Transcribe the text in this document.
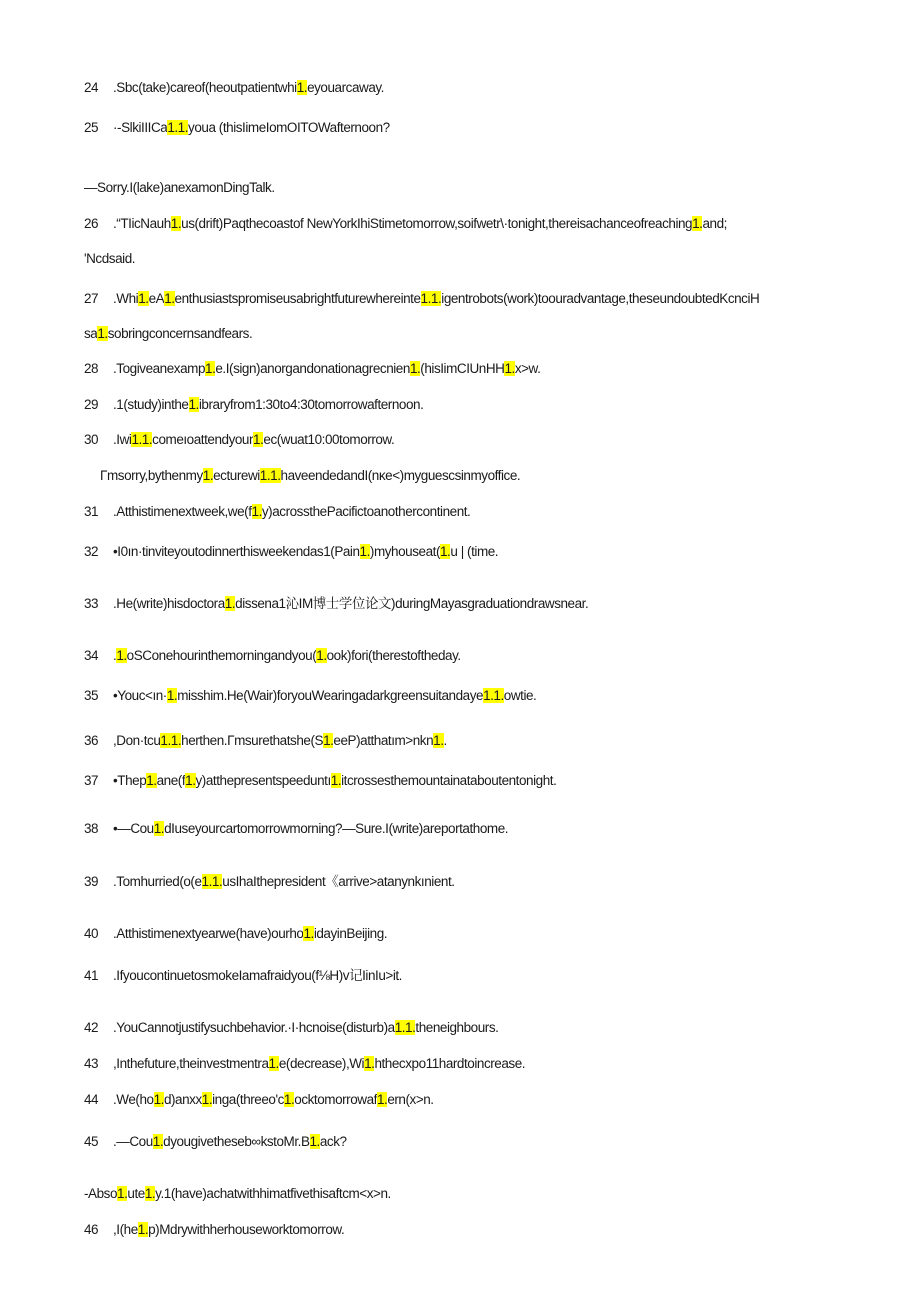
24 .Sbc(take)careof(heoutpatientwhi1.eyouarcaway.
25 ·-SlkiIIICa1.1.youa (thisIimeIomOITOWafternoon?
—Sorry.I(lake)anexamonDingTalk.
26 .“TIicNauh1.us(drift)Paqthecoastof NewYorkIhiStimetomorrow,soifwetr\·tonight,thereisachanceofreaching1.and;
'Ncdsaid.
27 .Whi1.eA1.enthusiastspromiseusabrightfuturewhereinte1.1.igentrobots(work)toouradvantage,theseundoubtedKcnciH
sa1.sobringconcernsandfears.
28 .Togiveanexamp1.e.I(sign)anorgandonationagrecnien1.(hisIimCIUnHH1.x>w.
29 .1(study)inthe1.ibraryfrom1:30to4:30tomorrowafternoon.
30 .Iwi1.1.comeıoattendyour1.ec(wuat10:00tomorrow.
Γmsorry,bythenmy1.ecturewi1.1.haveendedandI(nκe<)myguescsinmyoffice.
31 .Atthistimenextweek,we(f1.y)acrossthePacifictoanothercontinent.
32 •I0ın·tinviteyoutodinnerthisweekendas1(Pain1.)myhouseat(1.u | (time.
33 .He(write)hisdoctora1.dissena1沁IM博士学位论文)duringMayasgraduationdrawsnear.
34 .1.oSConehourinthemorningandyou(1.ook)fori(therestoftheday.
35 •Youc<ın·1.misshim.He(Wair)foryouWearingadarkgreensuitandaye1.1.owtie.
36 ,Don·tcu1.1.herthen.Γmsurethatshe(S1.eeP)atthatım>nkn1..
37 •Thep1.ane(f1.y)atthepresentspeeduntı1.itcrossesthemountainataboutentonight.
38 •—Cou1.dIuseyourcartomorrowmorning?—Sure.I(write)areportathome.
39 .Tomhurried(o(e1.1.usIhaIthepresident《arrive>atanynkınient.
40 .Atthistimenextyearwe(have)ourho1.idayinBeijing.
41 .IfyoucontinuetosmokeIamafraidyou(f⅛H)v记IinIu>it.
42 .YouCannotjustifysuchbehavior.·I·hcnoise(disturb)a1.1.theneighbours.
43 ,Inthefuture,theinvestmentra1.e(decrease),Wi1.hthecxpo11hardtoincrease.
44 .We(ho1.d)anxx1.inga(threeo'c1.ocktomorrowaf1.ern(x>n.
45 .—Cou1.dyougivetheseb∞kstoMr.B1.ack?
-Abso1.ute1.y.1(have)achatwithhimatfivethisaftcm<x>n.
46 ,I(he1.p)Mdrywithherhouseworktomorrow.
